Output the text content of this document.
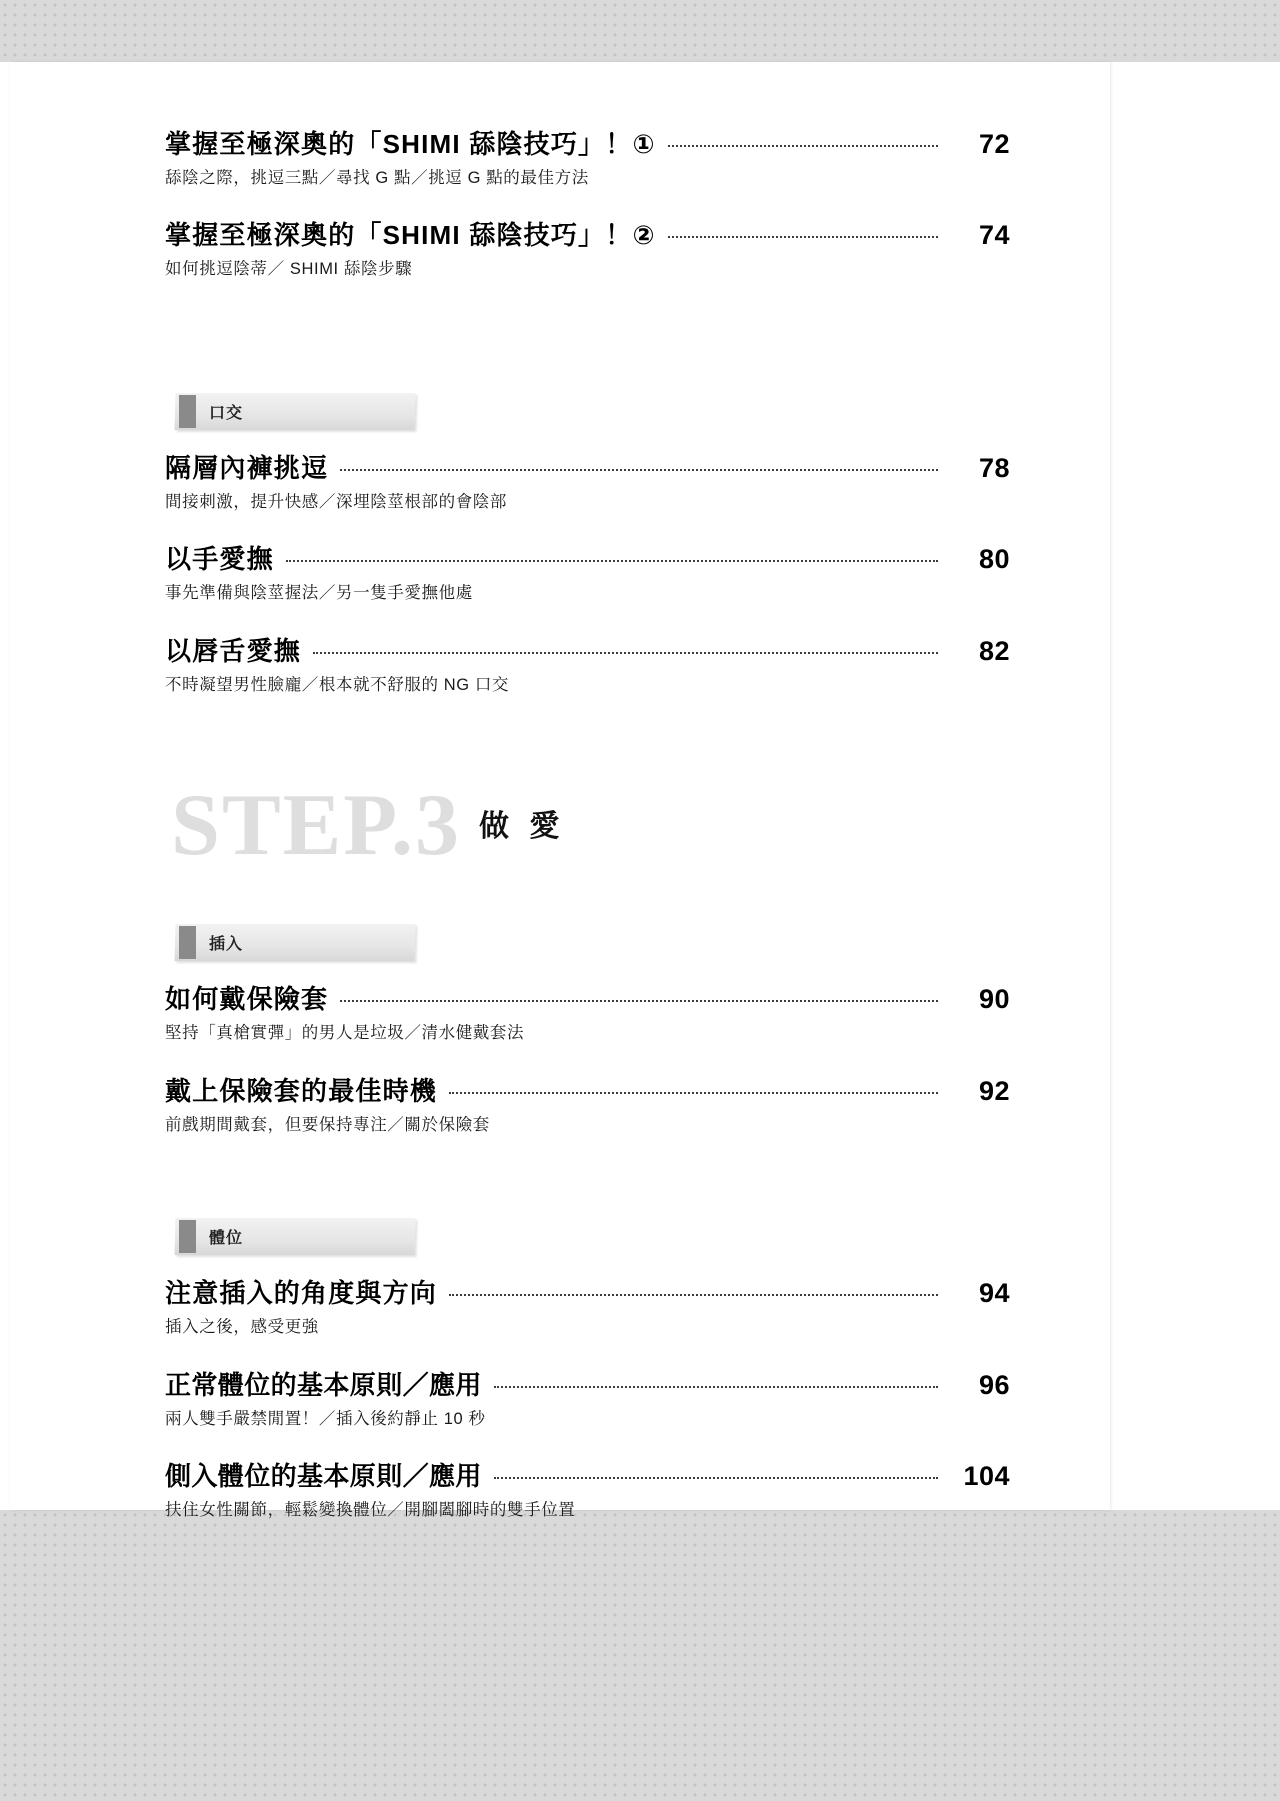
掌握至極深奧的「SHIMI 舔陰技巧」！①	72
舔陰之際，挑逗三點／尋找 G 點／挑逗 G 點的最佳方法
掌握至極深奧的「SHIMI 舔陰技巧」！②	74
如何挑逗陰蒂／ SHIMI 舔陰步驟
口交
隔層內褲挑逗	78
間接刺激，提升快感／深埋陰莖根部的會陰部
以手愛撫	80
事先準備與陰莖握法／另一隻手愛撫他處
以唇舌愛撫	82
不時凝望男性臉龐／根本就不舒服的 NG 口交
STEP.3 做 愛
插入
如何戴保險套	90
堅持「真槍實彈」的男人是垃圾／清水健戴套法
戴上保險套的最佳時機	92
前戲期間戴套，但要保持專注／關於保險套
體位
注意插入的角度與方向	94
插入之後，感受更強
正常體位的基本原則／應用	96
兩人雙手嚴禁閒置！／插入後約靜止 10 秒
側入體位的基本原則／應用	104
扶住女性關節，輕鬆變換體位／開腳闔腳時的雙手位置
